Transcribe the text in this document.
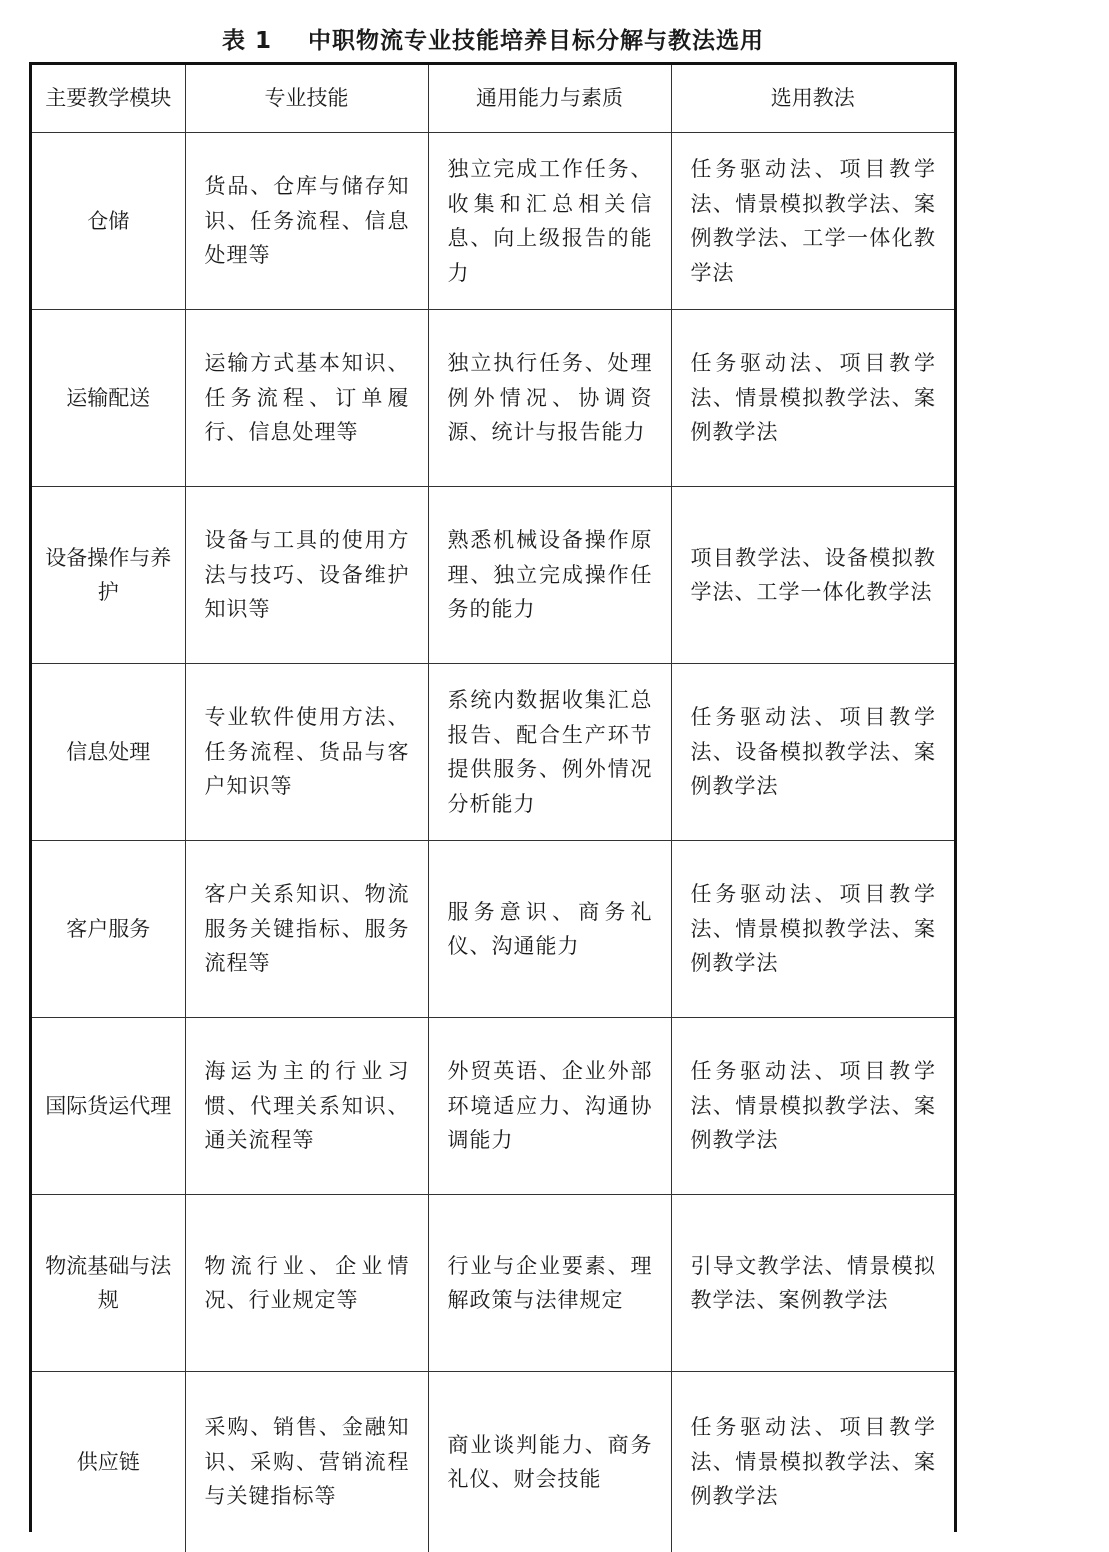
表 1    中职物流专业技能培养目标分解与教法选用
主要教学模块	专业技能	通用能力与素质	选用教法
仓储	货品、仓库与储存知识、任务流程、信息处理等	独立完成工作任务、收集和汇总相关信息、向上级报告的能力	任务驱动法、项目教学法、情景模拟教学法、案例教学法、工学一体化教学法
运输配送	运输方式基本知识、任务流程、订单履行、信息处理等	独立执行任务、处理例外情况、协调资源、统计与报告能力	任务驱动法、项目教学法、情景模拟教学法、案例教学法
设备操作与养护	设备与工具的使用方法与技巧、设备维护知识等	熟悉机械设备操作原理、独立完成操作任务的能力	项目教学法、设备模拟教学法、工学一体化教学法
信息处理	专业软件使用方法、任务流程、货品与客户知识等	系统内数据收集汇总报告、配合生产环节提供服务、例外情况分析能力	任务驱动法、项目教学法、设备模拟教学法、案例教学法
客户服务	客户关系知识、物流服务关键指标、服务流程等	服务意识、商务礼仪、沟通能力	任务驱动法、项目教学法、情景模拟教学法、案例教学法
国际货运代理	海运为主的行业习惯、代理关系知识、通关流程等	外贸英语、企业外部环境适应力、沟通协调能力	任务驱动法、项目教学法、情景模拟教学法、案例教学法
物流基础与法规	物流行业、企业情况、行业规定等	行业与企业要素、理解政策与法律规定	引导文教学法、情景模拟教学法、案例教学法
供应链	采购、销售、金融知识、采购、营销流程与关键指标等	商业谈判能力、商务礼仪、财会技能	任务驱动法、项目教学法、情景模拟教学法、案例教学法
